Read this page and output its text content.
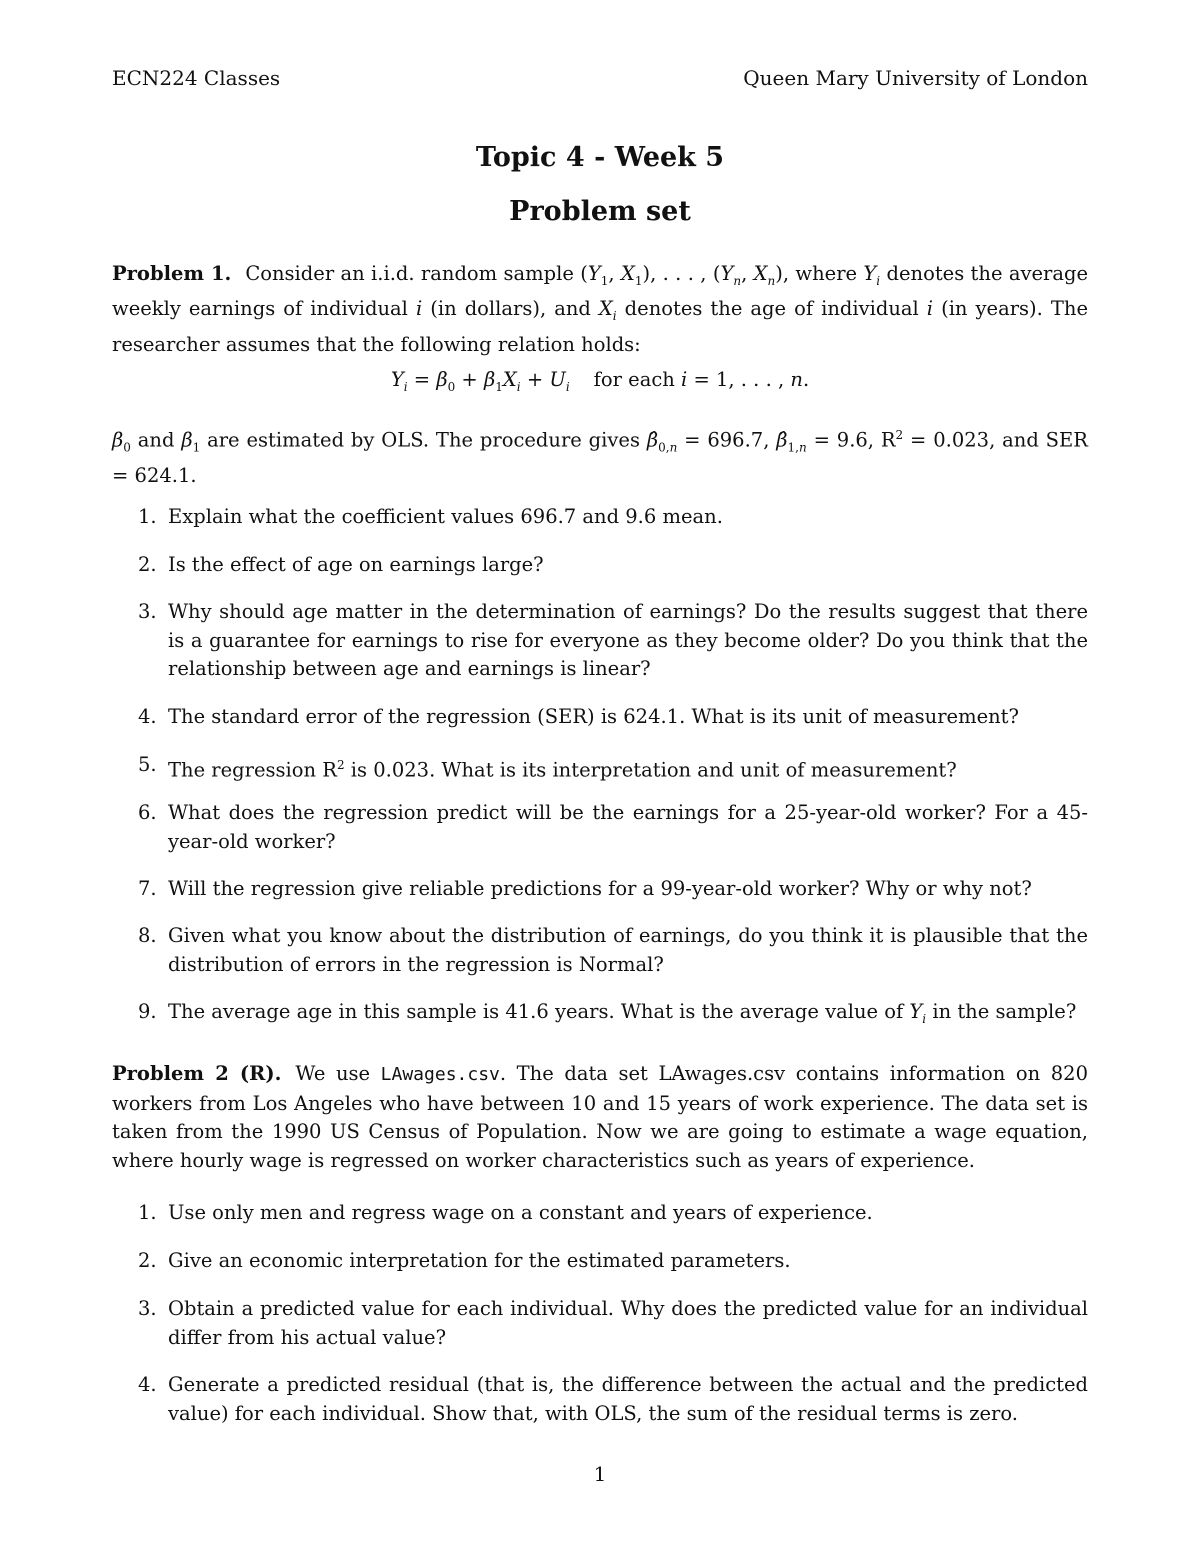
ECN224 Classes	Queen Mary University of London
Topic 4 - Week 5
Problem set
Problem 1. Consider an i.i.d. random sample ($Y_1$, $X_1$), . . . , ($Y_n$, $X_n$), where $Y_i$ denotes the average weekly earnings of individual i (in dollars), and $X_i$ denotes the age of individual i (in years). The researcher assumes that the following relation holds:
$Y_i = \beta_0 + \beta_1X_i + U_i$ for each i = 1, . . . , n.
$\beta_0$ and $\beta_1$ are estimated by OLS. The procedure gives $\betâ_{0,n} = 696.7$, $\betâ_{1,n} = 9.6$, $R^2 = 0.023$, and SER = 624.1.
1. Explain what the coefficient values 696.7 and 9.6 mean.
2. Is the effect of age on earnings large?
3. Why should age matter in the determination of earnings? Do the results suggest that there is a guarantee for earnings to rise for everyone as they become older? Do you think that the relationship between age and earnings is linear?
4. The standard error of the regression (SER) is 624.1. What is its unit of measurement?
5. The regression $R^2$ is 0.023. What is its interpretation and unit of measurement?
6. What does the regression predict will be the earnings for a 25-year-old worker? For a 45-year-old worker?
7. Will the regression give reliable predictions for a 99-year-old worker? Why or why not?
8. Given what you know about the distribution of earnings, do you think it is plausible that the distribution of errors in the regression is Normal?
9. The average age in this sample is 41.6 years. What is the average value of $Y_i$ in the sample?
Problem 2 (R). We use LAwages.csv. The data set LAwages.csv contains information on 820 workers from Los Angeles who have between 10 and 15 years of work experience. The data set is taken from the 1990 US Census of Population. Now we are going to estimate a wage equation, where hourly wage is regressed on worker characteristics such as years of experience.
1. Use only men and regress wage on a constant and years of experience.
2. Give an economic interpretation for the estimated parameters.
3. Obtain a predicted value for each individual. Why does the predicted value for an individual differ from his actual value?
4. Generate a predicted residual (that is, the difference between the actual and the predicted value) for each individual. Show that, with OLS, the sum of the residual terms is zero.
1
